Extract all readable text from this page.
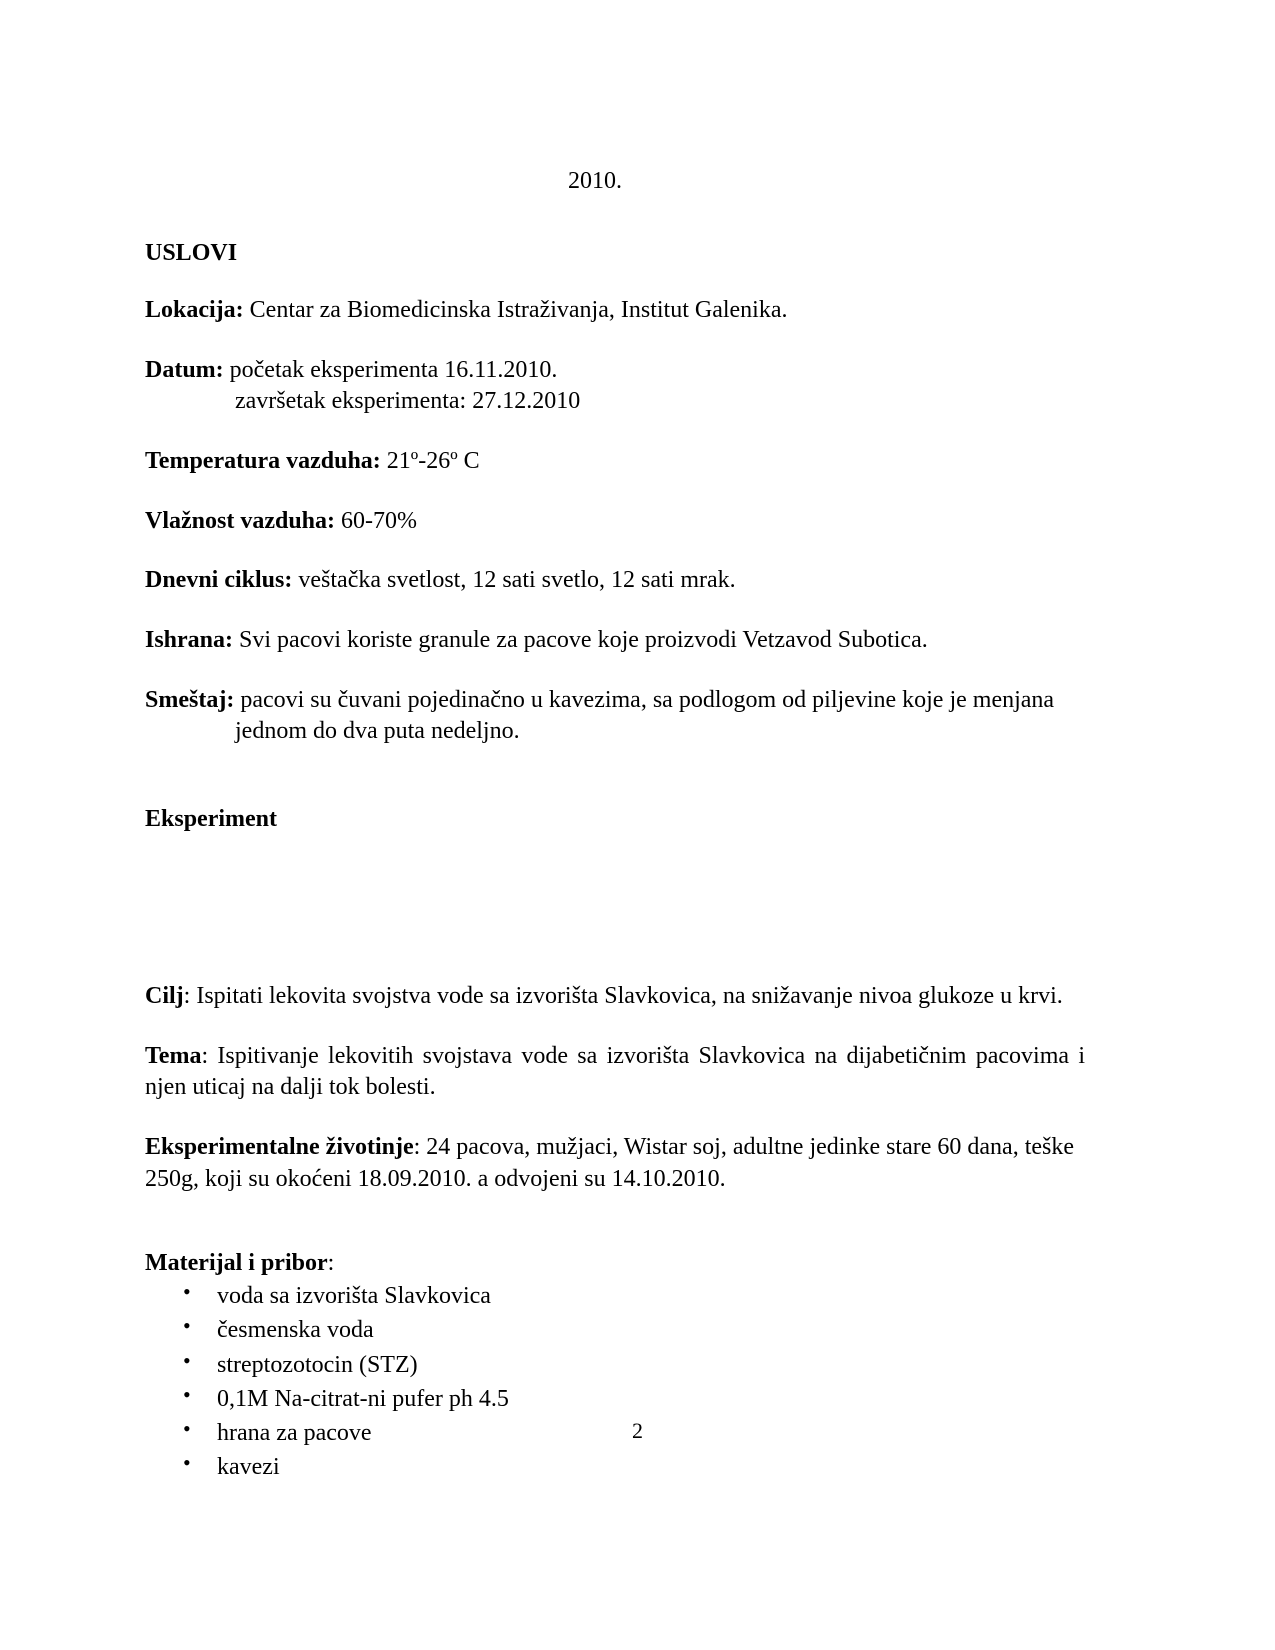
2010.
USLOVI
Lokacija: Centar za Biomedicinska Istraživanja, Institut Galenika.
Datum: početak eksperimenta 16.11.2010.
završetak eksperimenta: 27.12.2010
Temperatura vazduha: 21º-26º C
Vlažnost vazduha: 60-70%
Dnevni ciklus: veštačka svetlost, 12 sati svetlo, 12 sati mrak.
Ishrana: Svi pacovi koriste granule za pacove koje proizvodi Vetzavod Subotica.
Smeštaj: pacovi su čuvani pojedinačno u kavezima, sa podlogom od piljevine koje je menjana
jednom do dva puta nedeljno.
Eksperiment
Cilj: Ispitati lekovita svojstva vode sa izvorišta Slavkovica, na snižavanje nivoa glukoze u krvi.
Tema: Ispitivanje lekovitih svojstava vode sa izvorišta Slavkovica na dijabetičnim pacovima i njen uticaj na dalji tok bolesti.
Eksperimentalne životinje: 24 pacova, mužjaci, Wistar soj, adultne jedinke stare 60 dana, teške 250g, koji su okoćeni 18.09.2010. a odvojeni su 14.10.2010.
Materijal i pribor:
• voda sa izvorišta Slavkovica
• česmenska voda
• streptozotocin (STZ)
• 0,1M Na-citrat-ni pufer ph 4.5
• hrana za pacove
• kavezi
2
